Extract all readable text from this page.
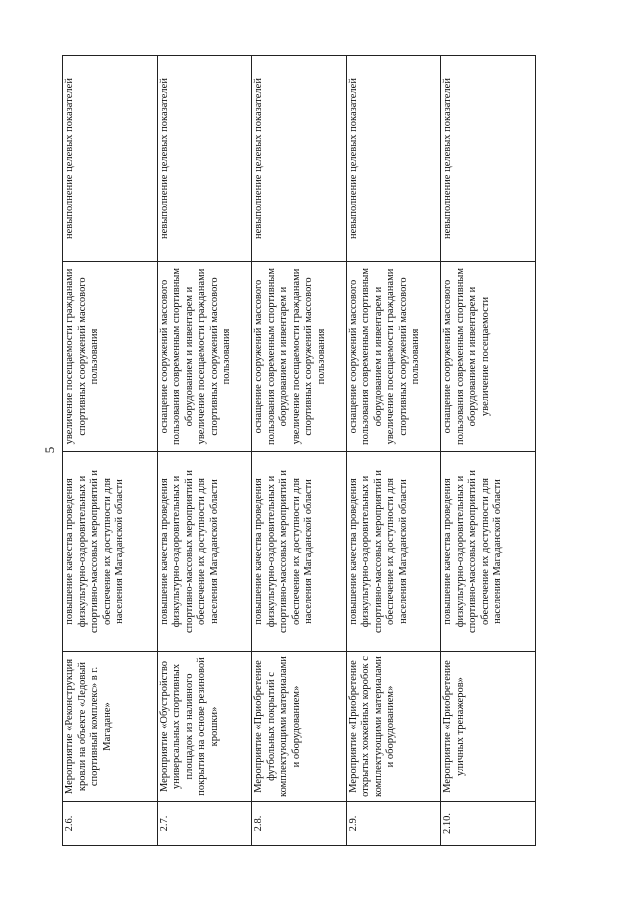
5
2.6.	Мероприятие «Реконструкция кровли на объекте «Ледовый спортивный комплекс» в г. Магадане»	повышение качества проведения физкультурно-оздоровительных и спортивно-массовых мероприятий и обеспечение их доступности для населения Магаданской области	увеличение посещаемости гражданами спортивных сооружений массового пользования	невыполнение целевых показателей
2.7.	Мероприятие «Обустройство универсальных спортивных площадок из наливного покрытия на основе резиновой крошки»	повышение качества проведения физкультурно-оздоровительных и спортивно-массовых мероприятий и обеспечение их доступности для населения Магаданской области	оснащение сооружений массового пользования современным спортивным оборудованием и инвентарем и увеличение посещаемости гражданами спортивных сооружений массового пользования	невыполнение целевых показателей
2.8.	Мероприятие «Приобретение футбольных покрытий с комплектующими материалами и оборудованием»	повышение качества проведения физкультурно-оздоровительных и спортивно-массовых мероприятий и обеспечение их доступности для населения Магаданской области	оснащение сооружений массового пользования современным спортивным оборудованием и инвентарем и увеличение посещаемости гражданами спортивных сооружений массового пользования	невыполнение целевых показателей
2.9.	Мероприятие «Приобретение открытых хоккейных коробок с комплектующими материалами и оборудованием»	повышение качества проведения физкультурно-оздоровительных и спортивно-массовых мероприятий и обеспечение их доступности для населения Магаданской области	оснащение сооружений массового пользования современным спортивным оборудованием и инвентарем и увеличение посещаемости гражданами спортивных сооружений массового пользования	невыполнение целевых показателей
2.10.	Мероприятие «Приобретение уличных тренажеров»	повышение качества проведения физкультурно-оздоровительных и спортивно-массовых мероприятий и обеспечение их доступности для населения Магаданской области	оснащение сооружений массового пользования современным спортивным оборудованием и инвентарем и увеличение посещаемости	невыполнение целевых показателей
